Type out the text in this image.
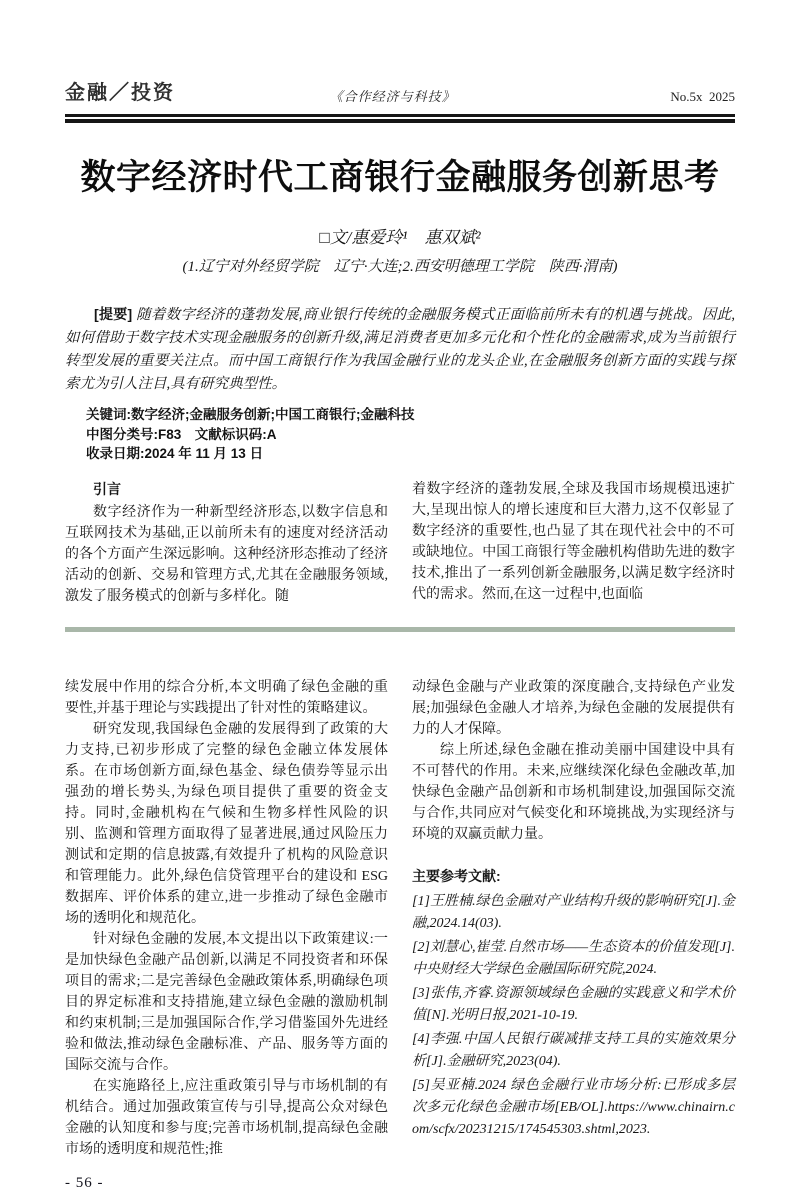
金融／投资	《合作经济与科技》	No.5x  2025
数字经济时代工商银行金融服务创新思考
□文/惠爱玲¹　惠双斌²
(1.辽宁对外经贸学院　辽宁·大连;2.西安明德理工学院　陕西·渭南)

[提要] 随着数字经济的蓬勃发展,商业银行传统的金融服务模式正面临前所未有的机遇与挑战。因此,如何借助于数字技术实现金融服务的创新升级,满足消费者更加多元化和个性化的金融需求,成为当前银行转型发展的重要关注点。而中国工商银行作为我国金融行业的龙头企业,在金融服务创新方面的实践与探索尤为引人注目,具有研究典型性。

关键词:数字经济;金融服务创新;中国工商银行;金融科技
中图分类号:F83　文献标识码:A
收录日期:2024 年 11 月 13 日
引言

数字经济作为一种新型经济形态,以数字信息和互联网技术为基础,正以前所未有的速度对经济活动的各个方面产生深远影响。这种经济形态推动了经济活动的创新、交易和管理方式,尤其在金融服务领域,激发了服务模式的创新与多样化。随

着数字经济的蓬勃发展,全球及我国市场规模迅速扩大,呈现出惊人的增长速度和巨大潜力,这不仅彰显了数字经济的重要性,也凸显了其在现代社会中的不可或缺地位。中国工商银行等金融机构借助先进的数字技术,推出了一系列创新金融服务,以满足数字经济时代的需求。然而,在这一过程中,也面临

续发展中作用的综合分析,本文明确了绿色金融的重要性,并基于理论与实践提出了针对性的策略建议。

研究发现,我国绿色金融的发展得到了政策的大力支持,已初步形成了完整的绿色金融立体发展体系。在市场创新方面,绿色基金、绿色债券等显示出强劲的增长势头,为绿色项目提供了重要的资金支持。同时,金融机构在气候和生物多样性风险的识别、监测和管理方面取得了显著进展,通过风险压力测试和定期的信息披露,有效提升了机构的风险意识和管理能力。此外,绿色信贷管理平台的建设和 ESG 数据库、评价体系的建立,进一步推动了绿色金融市场的透明化和规范化。

针对绿色金融的发展,本文提出以下政策建议:一是加快绿色金融产品创新,以满足不同投资者和环保项目的需求;二是完善绿色金融政策体系,明确绿色项目的界定标准和支持措施,建立绿色金融的激励机制和约束机制;三是加强国际合作,学习借鉴国外先进经验和做法,推动绿色金融标准、产品、服务等方面的国际交流与合作。

在实施路径上,应注重政策引导与市场机制的有机结合。通过加强政策宣传与引导,提高公众对绿色金融的认知度和参与度;完善市场机制,提高绿色金融市场的透明度和规范性;推

- 56 -

动绿色金融与产业政策的深度融合,支持绿色产业发展;加强绿色金融人才培养,为绿色金融的发展提供有力的人才保障。

综上所述,绿色金融在推动美丽中国建设中具有不可替代的作用。未来,应继续深化绿色金融改革,加快绿色金融产品创新和市场机制建设,加强国际交流与合作,共同应对气候变化和环境挑战,为实现经济与环境的双赢贡献力量。

主要参考文献:

[1]王胜楠.绿色金融对产业结构升级的影响研究[J].金融,2024.14(03).

[2]刘慧心,崔莹.自然市场——生态资本的价值发现[J].中央财经大学绿色金融国际研究院,2024.

[3]张伟,齐睿.资源领域绿色金融的实践意义和学术价值[N].光明日报,2021-10-19.

[4]李强.中国人民银行碳减排支持工具的实施效果分析[J].金融研究,2023(04).

[5]吴亚楠.2024 绿色金融行业市场分析:已形成多层次多元化绿色金融市场[EB/OL].https://www.chinairn.com/scfx/20231215/174545303.shtml,2023.
